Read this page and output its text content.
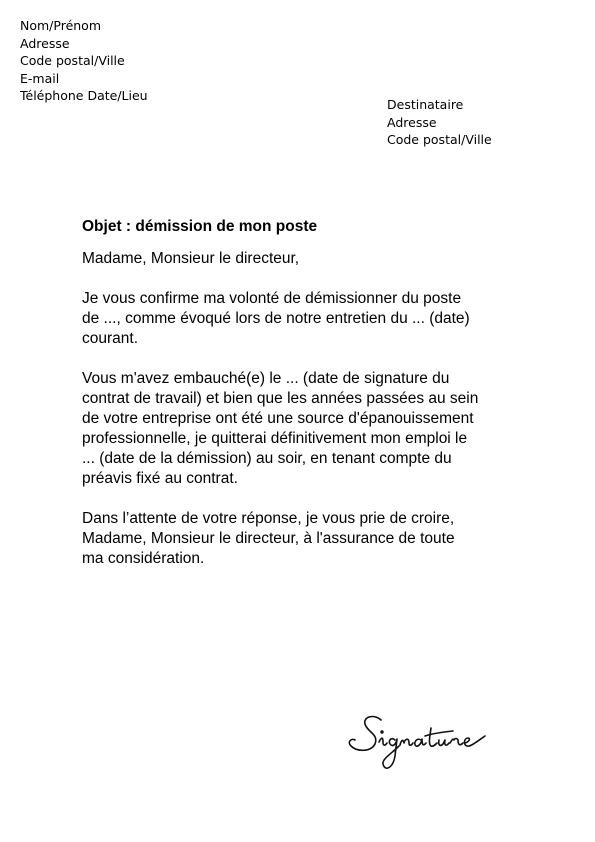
Nom/Prénom
Adresse
Code postal/Ville
E-mail
Téléphone Date/Lieu
Destinataire
Adresse
Code postal/Ville
Objet : démission de mon poste

Madame, Monsieur le directeur,

Je vous confirme ma volonté de démissionner du poste
de ..., comme évoqué lors de notre entretien du ... (date)
courant.

Vous m'avez embauché(e) le ... (date de signature du
contrat de travail) et bien que les années passées au sein
de votre entreprise ont été une source d'épanouissement
professionnelle, je quitterai définitivement mon emploi le
... (date de la démission) au soir, en tenant compte du
préavis fixé au contrat.

Dans l’attente de votre réponse, je vous prie de croire,
Madame, Monsieur le directeur, à l'assurance de toute
ma considération.
